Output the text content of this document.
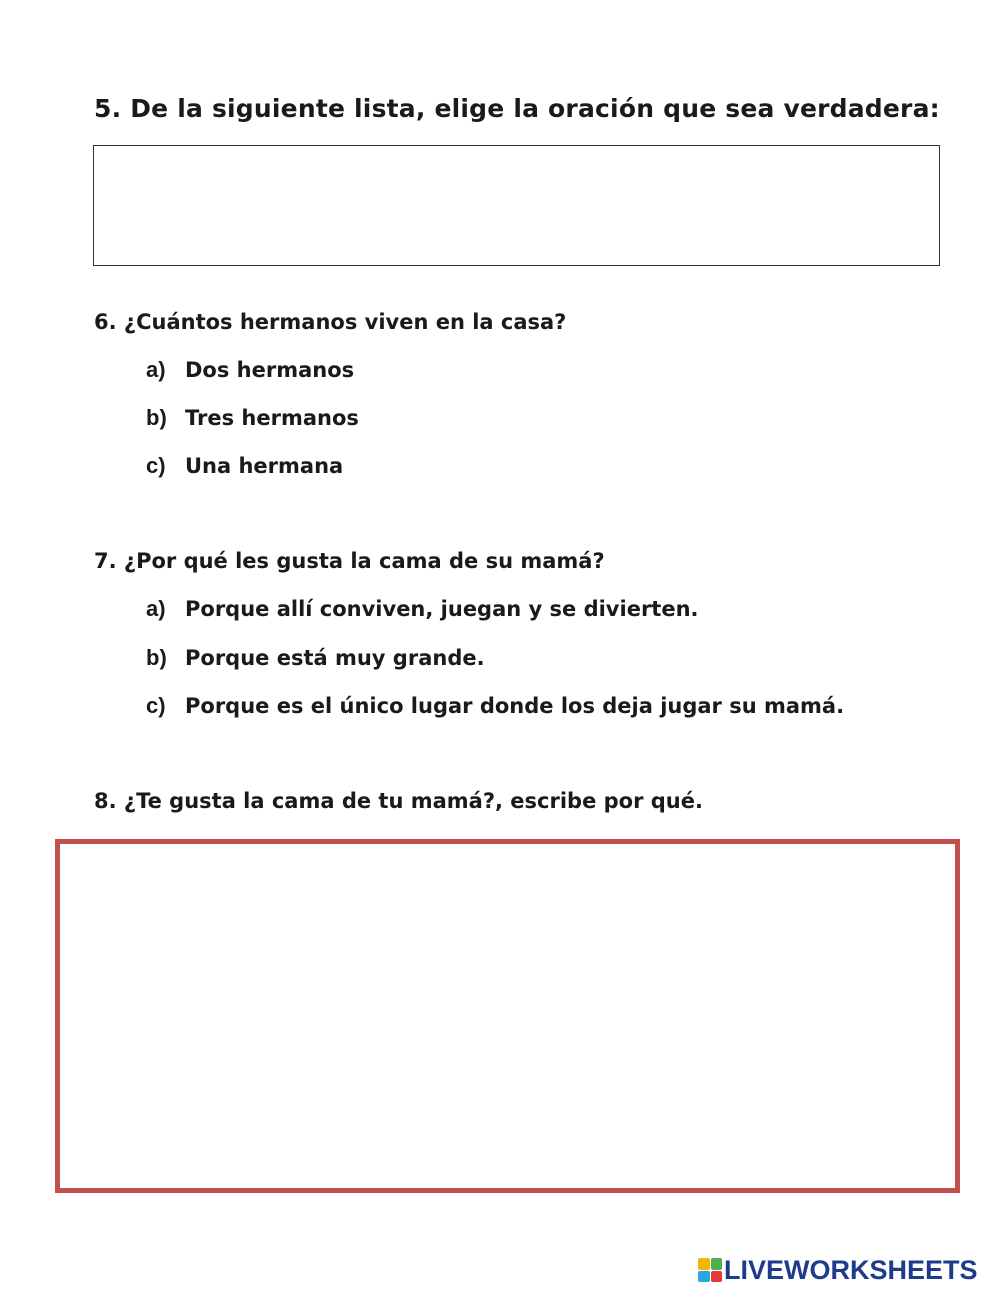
5. De la siguiente lista, elige la oración que sea verdadera:
6. ¿Cuántos hermanos viven en la casa?
a) Dos hermanos
b) Tres hermanos
c) Una hermana
7. ¿Por qué les gusta la cama de su mamá?
a) Porque allí conviven, juegan y se divierten.
b) Porque está muy grande.
c) Porque es el único lugar donde los deja jugar su mamá.
8. ¿Te gusta la cama de tu mamá?, escribe por qué.
LIVEWORKSHEETS
